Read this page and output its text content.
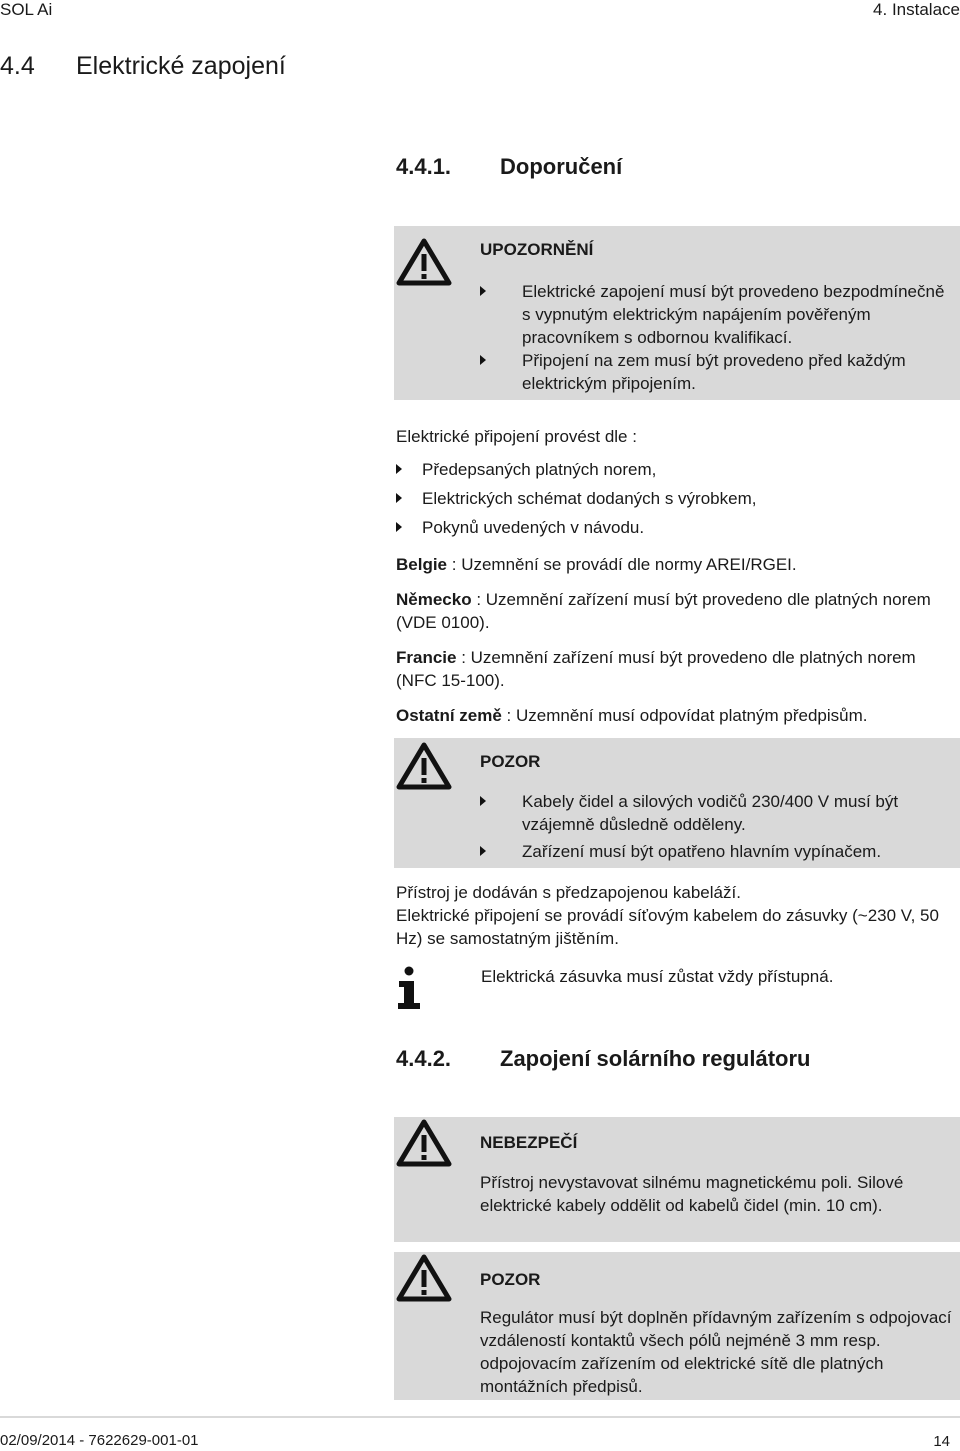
SOL Ai	4. Instalace
4.4 Elektrické zapojení
4.4.1. Doporučení
UPOZORNĚNÍ
Elektrické zapojení musí být provedeno bezpodmínečně s vypnutým elektrickým napájením pověřeným pracovníkem s odbornou kvalifikací.
Připojení na zem musí být provedeno před každým elektrickým připojením.
Elektrické připojení provést dle :
Předepsaných platných norem,
Elektrických schémat dodaných s výrobkem,
Pokynů uvedených v návodu.
Belgie : Uzemnění se provádí dle normy AREI/RGEI.
Německo : Uzemnění zařízení musí být provedeno dle platných norem (VDE 0100).
Francie : Uzemnění zařízení musí být provedeno dle platných norem (NFC 15-100).
Ostatní země : Uzemnění musí odpovídat platným předpisům.
POZOR
Kabely čidel a silových vodičů 230/400 V musí být vzájemně důsledně odděleny.
Zařízení musí být opatřeno hlavním vypínačem.
Přístroj je dodáván s předzapojenou kabeláží.
Elektrické připojení se provádí síťovým kabelem do zásuvky (~230 V, 50 Hz) se samostatným jištěním.
Elektrická zásuvka musí zůstat vždy přístupná.
4.4.2. Zapojení solárního regulátoru
NEBEZPEČÍ
Přístroj nevystavovat silnému magnetickému poli. Silové elektrické kabely oddělit od kabelů čidel (min. 10 cm).
POZOR
Regulátor musí být doplněn přídavným zařízením s odpojovací vzdáleností kontaktů všech pólů nejméně 3 mm resp. odpojovacím zařízením od elektrické sítě dle platných montážních předpisů.
02/09/2014 - 7622629-001-01	14
